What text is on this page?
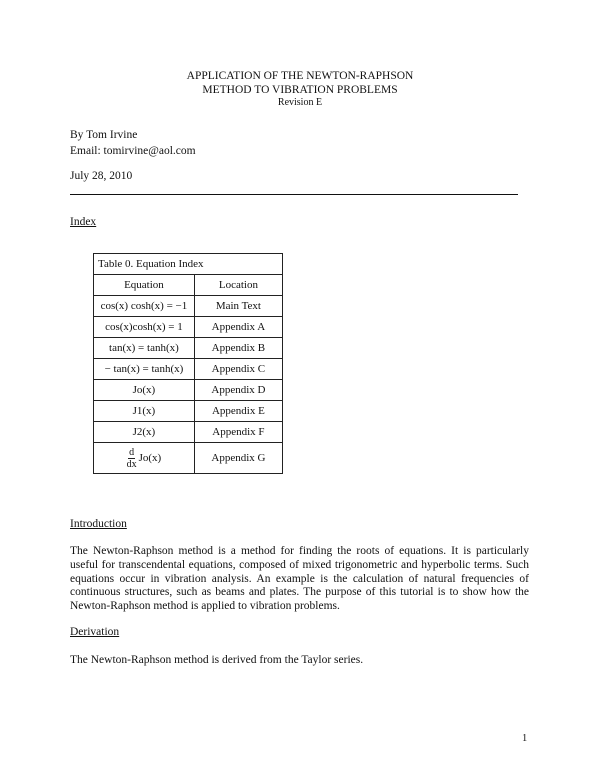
APPLICATION OF THE NEWTON-RAPHSON
METHOD TO VIBRATION PROBLEMS
Revision E
By Tom Irvine
Email: tomirvine@aol.com
July 28, 2010
Index
Table 0. Equation Index	
Equation	Location
cos(x) cosh(x) = −1	Main Text
cos(x)cosh(x) = 1	Appendix A
tan(x) = tanh(x)	Appendix B
− tan(x) = tanh(x)	Appendix C
Jo(x)	Appendix D
J1(x)	Appendix E
J2(x)	Appendix F

$\frac{d}{dx} Jo(x)$	Appendix G
Introduction
The Newton-Raphson method is a method for finding the roots of equations. It is particularly useful for transcendental equations, composed of mixed trigonometric and hyperbolic terms. Such equations occur in vibration analysis. An example is the calculation of natural frequencies of continuous structures, such as beams and plates. The purpose of this tutorial is to show how the Newton-Raphson method is applied to vibration problems.
Derivation
The Newton-Raphson method is derived from the Taylor series.
1
